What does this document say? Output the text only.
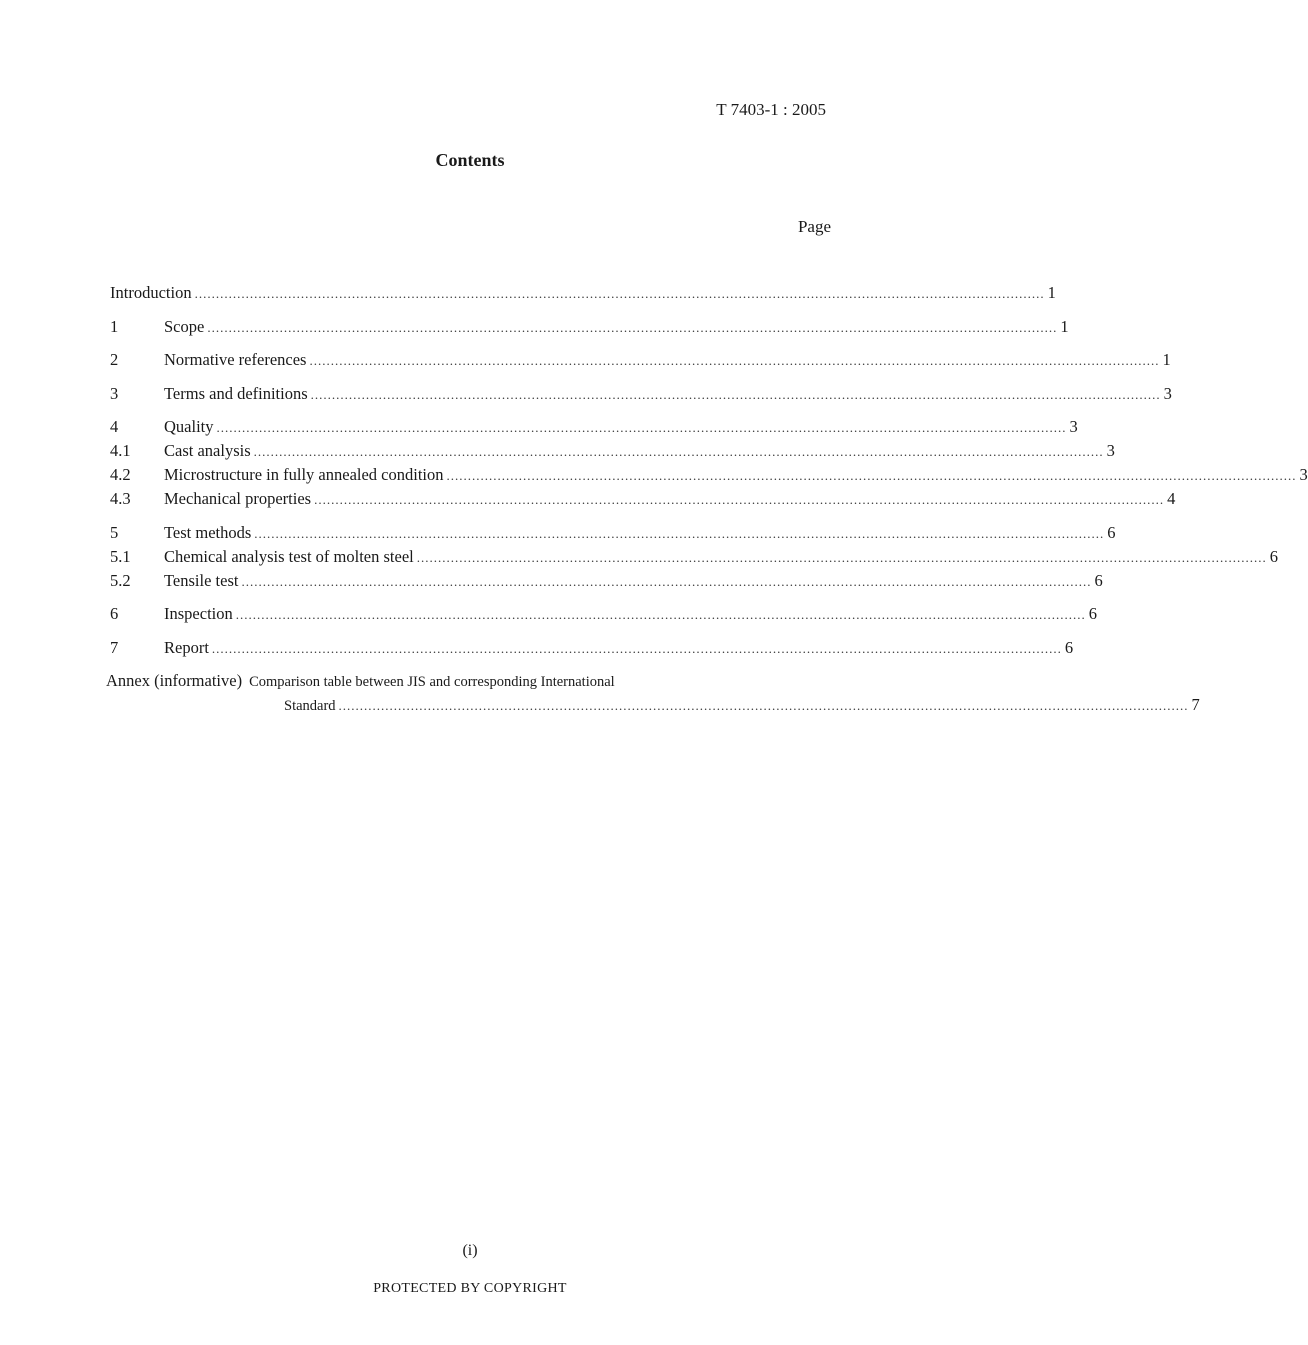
T 7403-1 : 2005
Contents
Page
Introduction ........................................................................................................................................................................................................ 1
1	Scope ........................................................................................................................................................................................................ 1
2	Normative references ........................................................................................................................................................................................................ 1
3	Terms and definitions ........................................................................................................................................................................................................ 3
4	Quality ........................................................................................................................................................................................................ 3
4.1	Cast analysis ........................................................................................................................................................................................................ 3
4.2	Microstructure in fully annealed condition ........................................................................................................................................................................................................ 3
4.3	Mechanical properties ........................................................................................................................................................................................................ 4
5	Test methods ........................................................................................................................................................................................................ 6
5.1	Chemical analysis test of molten steel ........................................................................................................................................................................................................ 6
5.2	Tensile test ........................................................................................................................................................................................................ 6
6	Inspection ........................................................................................................................................................................................................ 6
7	Report ........................................................................................................................................................................................................ 6
Annex (informative) Comparison table between JIS and corresponding International
Standard ........................................................................................................................................................................................................ 7
(i)
PROTECTED BY COPYRIGHT
